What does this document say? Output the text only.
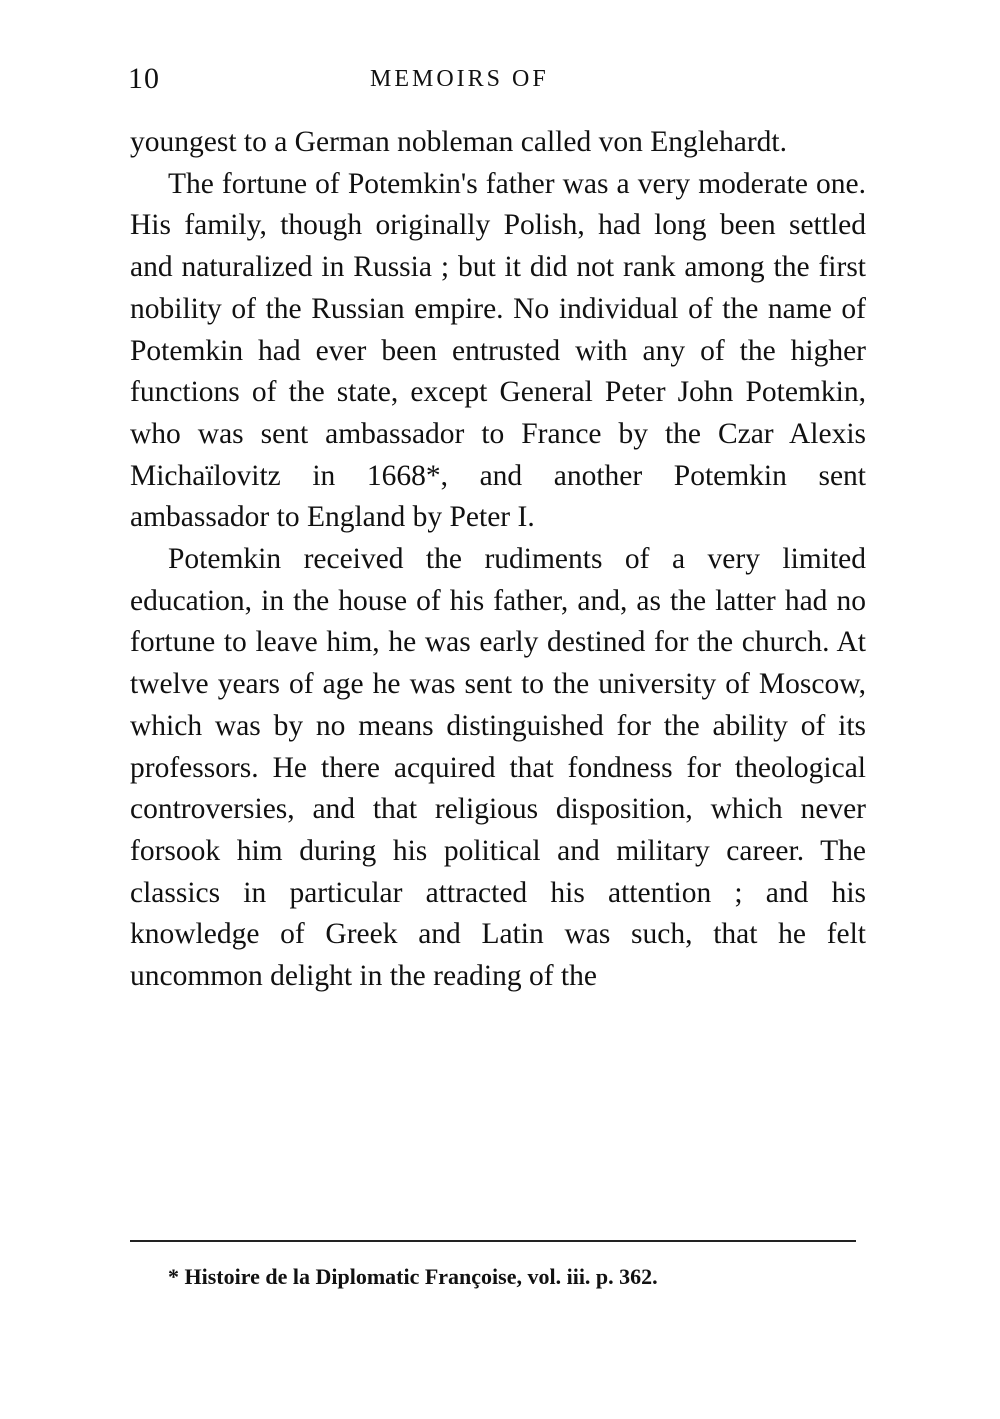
10	MEMOIRS OF

youngest to a German nobleman called von Englehardt.

The fortune of Potemkin's father was a very moderate one. His family, though originally Polish, had long been settled and naturalized in Russia ; but it did not rank among the first nobility of the Russian empire. No individual of the name of Potemkin had ever been entrusted with any of the higher functions of the state, except General Peter John Potemkin, who was sent ambassador to France by the Czar Alexis Michaïlovitz in 1668*, and another Potemkin sent ambassador to England by Peter I.

Potemkin received the rudiments of a very limited education, in the house of his father, and, as the latter had no fortune to leave him, he was early destined for the church. At twelve years of age he was sent to the university of Moscow, which was by no means distinguished for the ability of its professors. He there acquired that fondness for theological controversies, and that religious disposition, which never forsook him during his political and military career. The classics in particular attracted his attention ; and his knowledge of Greek and Latin was such, that he felt uncommon delight in the reading of the

* Histoire de la Diplomatic Françoise, vol. iii. p. 362.
